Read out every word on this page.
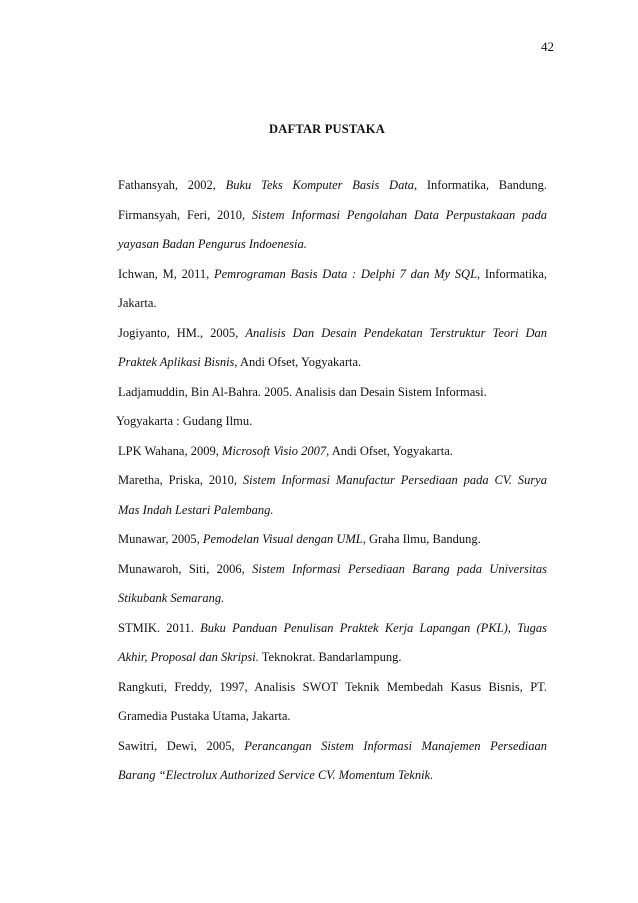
42
DAFTAR PUSTAKA
Fathansyah, 2002, Buku Teks Komputer Basis Data, Informatika, Bandung.
Firmansyah, Feri, 2010, Sistem Informasi Pengolahan Data Perpustakaan pada
yayasan Badan Pengurus Indoenesia.
Ichwan, M, 2011, Pemrograman Basis Data : Delphi 7 dan My SQL, Informatika,
Jakarta.
Jogiyanto, HM., 2005, Analisis Dan Desain Pendekatan Terstruktur Teori Dan
Praktek Aplikasi Bisnis, Andi Ofset, Yogyakarta.
Ladjamuddin, Bin Al-Bahra. 2005. Analisis dan Desain Sistem Informasi.
Yogyakarta : Gudang Ilmu.
LPK Wahana, 2009, Microsoft Visio 2007, Andi Ofset, Yogyakarta.
Maretha, Priska, 2010, Sistem Informasi Manufactur Persediaan pada CV. Surya
Mas Indah Lestari Palembang.
Munawar, 2005, Pemodelan Visual dengan UML, Graha Ilmu, Bandung.
Munawaroh, Siti, 2006, Sistem Informasi Persediaan Barang pada Universitas
Stikubank Semarang.
STMIK. 2011. Buku Panduan Penulisan Praktek Kerja Lapangan (PKL), Tugas
Akhir, Proposal dan Skripsi. Teknokrat. Bandarlampung.
Rangkuti, Freddy, 1997, Analisis SWOT Teknik Membedah Kasus Bisnis, PT.
Gramedia Pustaka Utama, Jakarta.
Sawitri, Dewi, 2005, Perancangan Sistem Informasi Manajemen Persediaan
Barang “Electrolux Authorized Service CV. Momentum Teknik.
